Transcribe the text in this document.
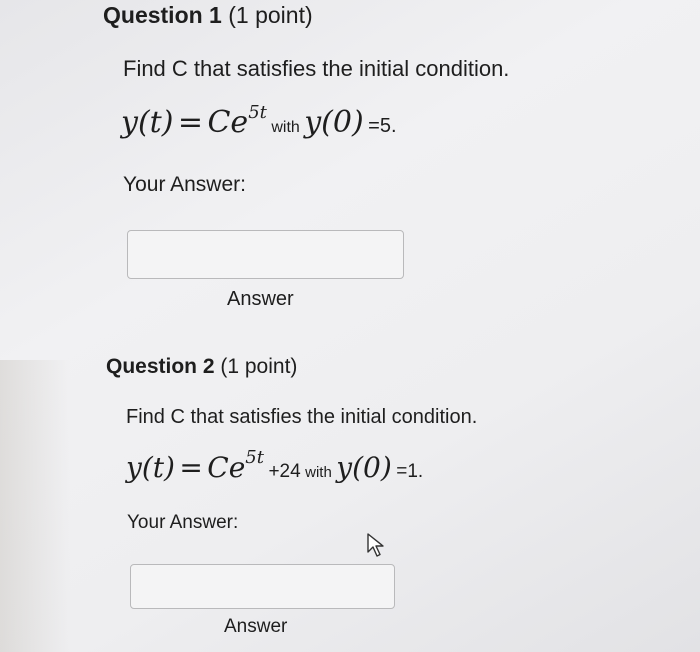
Question 1 (1 point)
Find C that satisfies the initial condition.
$y(t) = Ce^{5t}$ with y(0) =5.
Your Answer:
Answer
Question 2 (1 point)
Find C that satisfies the initial condition.
$y(t) = Ce^{5t} +24$ with y(0) =1.
Your Answer:
Answer
